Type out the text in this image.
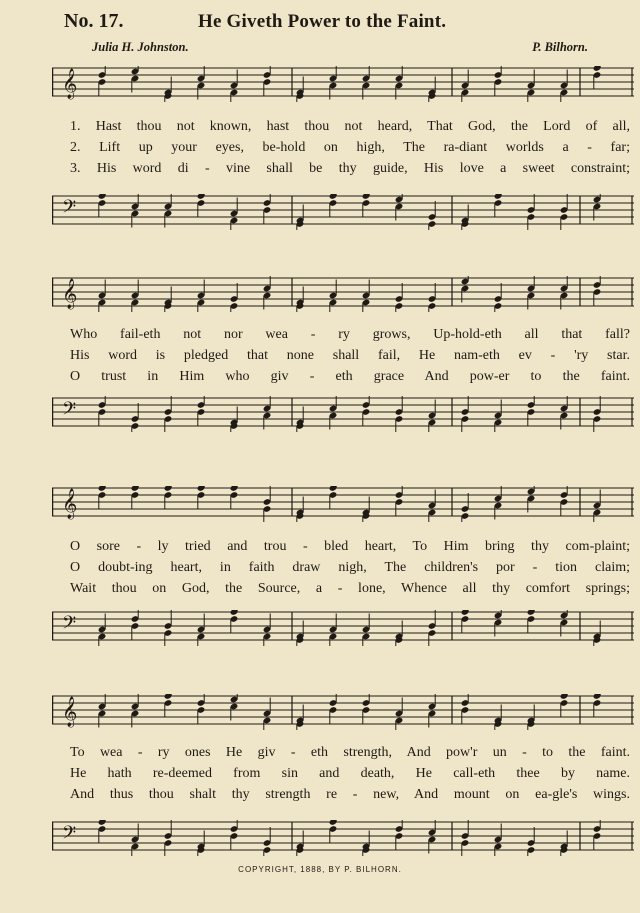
No. 17.	He Giveth Power to the Faint.
Julia H. Johnston.	P. Bilhorn.
𝄞
1. Hast thou not known, hast thou not heard, That God, the Lord of all,
2. Lift up your eyes, be-hold on high, The ra-diant worlds a - far;
3. His word di - vine shall be thy guide, His love a sweet constraint;
𝄢
𝄞
Who fail-eth not nor wea - ry grows, Up-hold-eth all that fall?
His word is pledged that none shall fail, He nam-eth ev - 'ry star.
O trust in Him who giv - eth grace And pow-er to the faint.
𝄢
𝄞
O sore - ly tried and trou - bled heart, To Him bring thy com-plaint;
O doubt-ing heart, in faith draw nigh, The children's por - tion claim;
Wait thou on God, the Source, a - lone, Whence all thy comfort springs;
𝄢
𝄞
To wea - ry ones He giv - eth strength, And pow'r un - to the faint.
He hath re-deemed from sin and death, He call-eth thee by name.
And thus thou shalt thy strength re - new, And mount on ea-gle's wings.
𝄢
COPYRIGHT, 1888, BY P. BILHORN.
